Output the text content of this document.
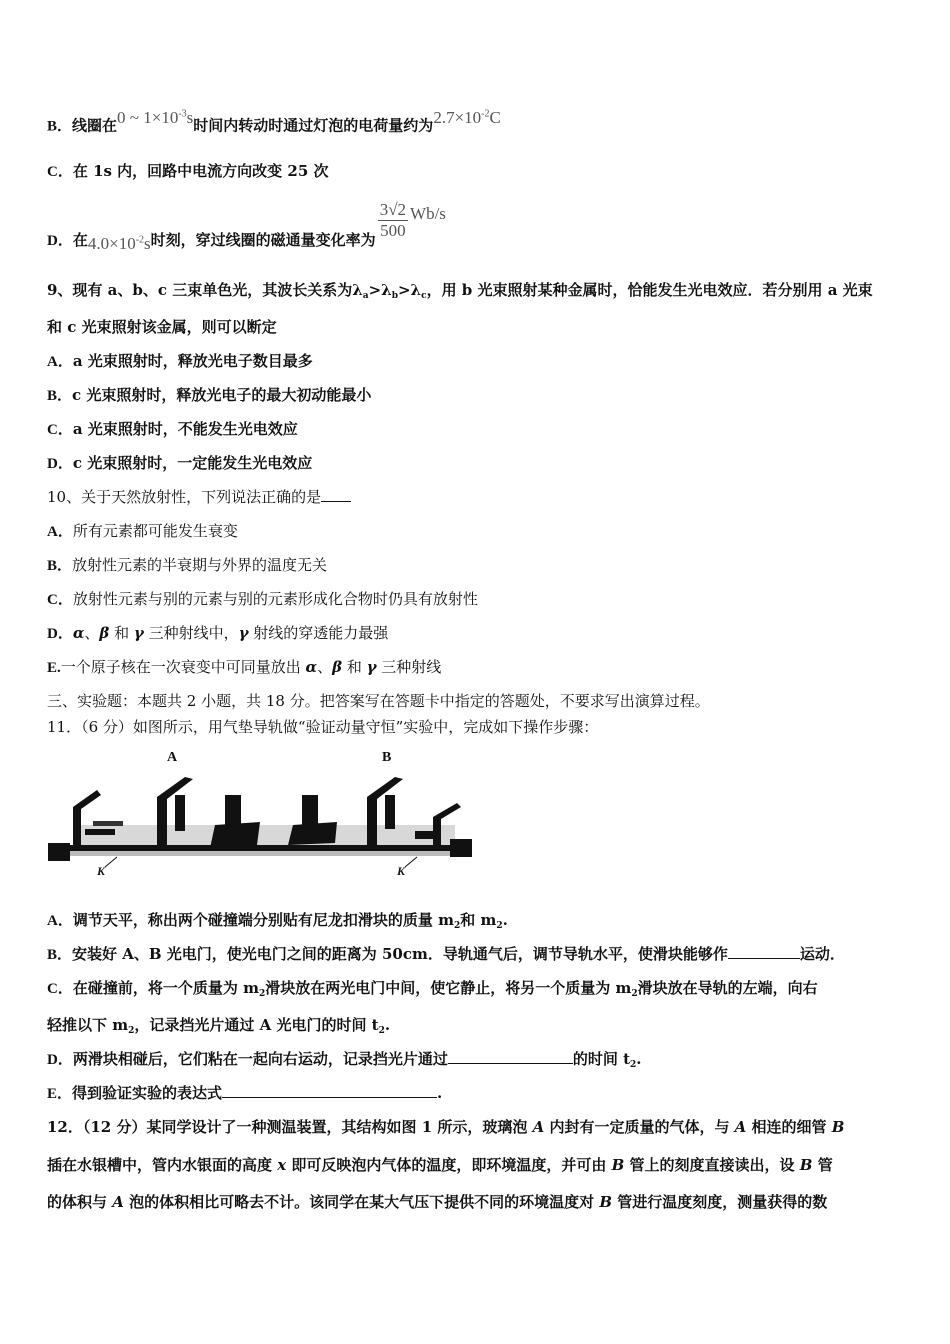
B．线圈在0 ~ $1\times 10^{-3}s$时间内转动时通过灯泡的电荷量约为$2.7\times 10^{-2}C$
C．在 1s 内，回路中电流方向改变 25 次
D．在$4.0\times 10^{-2}s$时刻，穿过线圈的磁通量变化率为 $\frac{3√2}{500} Wb/s$
9、现有 a、b、c 三束单色光，其波长关系为$\lambda_a>\lambda_b>\lambda_c$，用 b 光束照射某种金属时，恰能发生光电效应．若分别用 a 光束
和 c 光束照射该金属，则可以断定
A．a 光束照射时，释放光电子数目最多
B．c 光束照射时，释放光电子的最大初动能最小
C．a 光束照射时，不能发生光电效应
D．c 光束照射时，一定能发生光电效应
10、关于天然放射性，下列说法正确的是
A．所有元素都可能发生衰变
B．放射性元素的半衰期与外界的温度无关
C．放射性元素与别的元素与别的元素形成化合物时仍具有放射性
D．α、β 和 γ 三种射线中，γ 射线的穿透能力最强
E.一个原子核在一次衰变中可同量放出 α、β 和 γ 三种射线
三、实验题：本题共 2 小题，共 18 分。把答案写在答题卡中指定的答题处，不要求写出演算过程。
11．（6 分）如图所示，用气垫导轨做“验证动量守恒”实验中，完成如下操作步骤：
A	B
K	K
A．调节天平，称出两个碰撞端分别贴有尼龙扣滑块的质量 $m_2$和 $m_2$.
B．安装好 A、B 光电门，使光电门之间的距离为 50cm．导轨通气后，调节导轨水平，使滑块能够作	运动．
C．在碰撞前，将一个质量为 $m_2$滑块放在两光电门中间，使它静止，将另一个质量为 $m_2$滑块放在导轨的左端，向右
轻推以下 $m_2$，记录挡光片通过 A 光电门的时间 $t_2$.
D．两滑块相碰后，它们粘在一起向右运动，记录挡光片通过	的时间 $t_2$.
E．得到验证实验的表达式	.
12．（12 分）某同学设计了一种测温装置，其结构如图 1 所示，玻璃泡 A 内封有一定质量的气体，与 A 相连的细管 B
插在水银槽中，管内水银面的高度 x 即可反映泡内气体的温度，即环境温度，并可由 B 管上的刻度直接读出，设 B 管
的体积与 A 泡的体积相比可略去不计。该同学在某大气压下提供不同的环境温度对 B 管进行温度刻度，测量获得的数
